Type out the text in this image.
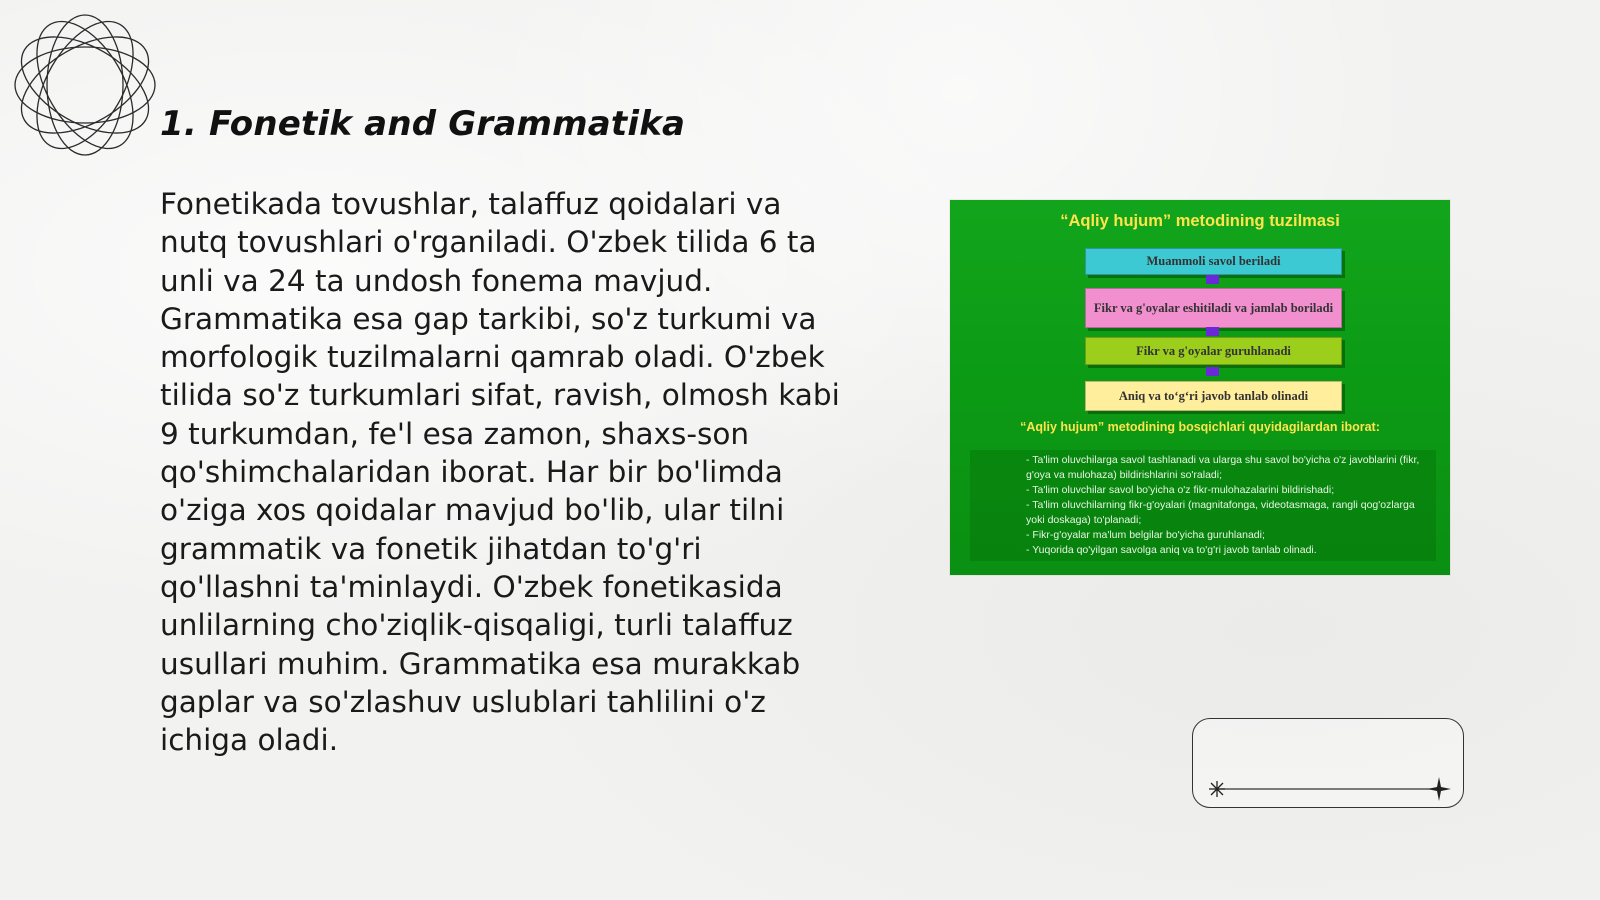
1. Fonetik and Grammatika

Fonetikada tovushlar, talaffuz qoidalari va nutq tovushlari o'rganiladi. O'zbek tilida 6 ta unli va 24 ta undosh fonema mavjud. Grammatika esa gap tarkibi, so'z turkumi va morfologik tuzilmalarni qamrab oladi. O'zbek tilida so'z turkumlari sifat, ravish, olmosh kabi 9 turkumdan, fe'l esa zamon, shaxs-son qo'shimchalaridan iborat. Har bir bo'limda o'ziga xos qoidalar mavjud bo'lib, ular tilni grammatik va fonetik jihatdan to'g'ri qo'llashni ta'minlaydi. O'zbek fonetikasida unlilarning cho'ziqlik-qisqaligi, turli talaffuz usullari muhim. Grammatika esa murakkab gaplar va so'zlashuv uslublari tahlilini o'z ichiga oladi.

“Aqliy hujum” metodining tuzilmasi
Muammoli savol beriladi
Fikr va g'oyalar eshitiladi va jamlab boriladi
Fikr va g'oyalar guruhlanadi
Aniq va to‘g‘ri javob tanlab olinadi
“Aqliy hujum” metodining bosqichlari quyidagilardan iborat:
- Ta'lim oluvchilarga savol tashlanadi va ularga shu savol bo'yicha o'z javoblarini (fikr, g'oya va mulohaza) bildirishlarini so'raladi;
- Ta'lim oluvchilar savol bo'yicha o'z fikr-mulohazalarini bildirishadi;
- Ta'lim oluvchilarning fikr-g'oyalari (magnitafonga, videotasmaga, rangli qog'ozlarga yoki doskaga) to'planadi;
- Fikr-g'oyalar ma'lum belgilar bo'yicha guruhlanadi;
- Yuqorida qo'yilgan savolga aniq va to'g'ri javob tanlab olinadi.
